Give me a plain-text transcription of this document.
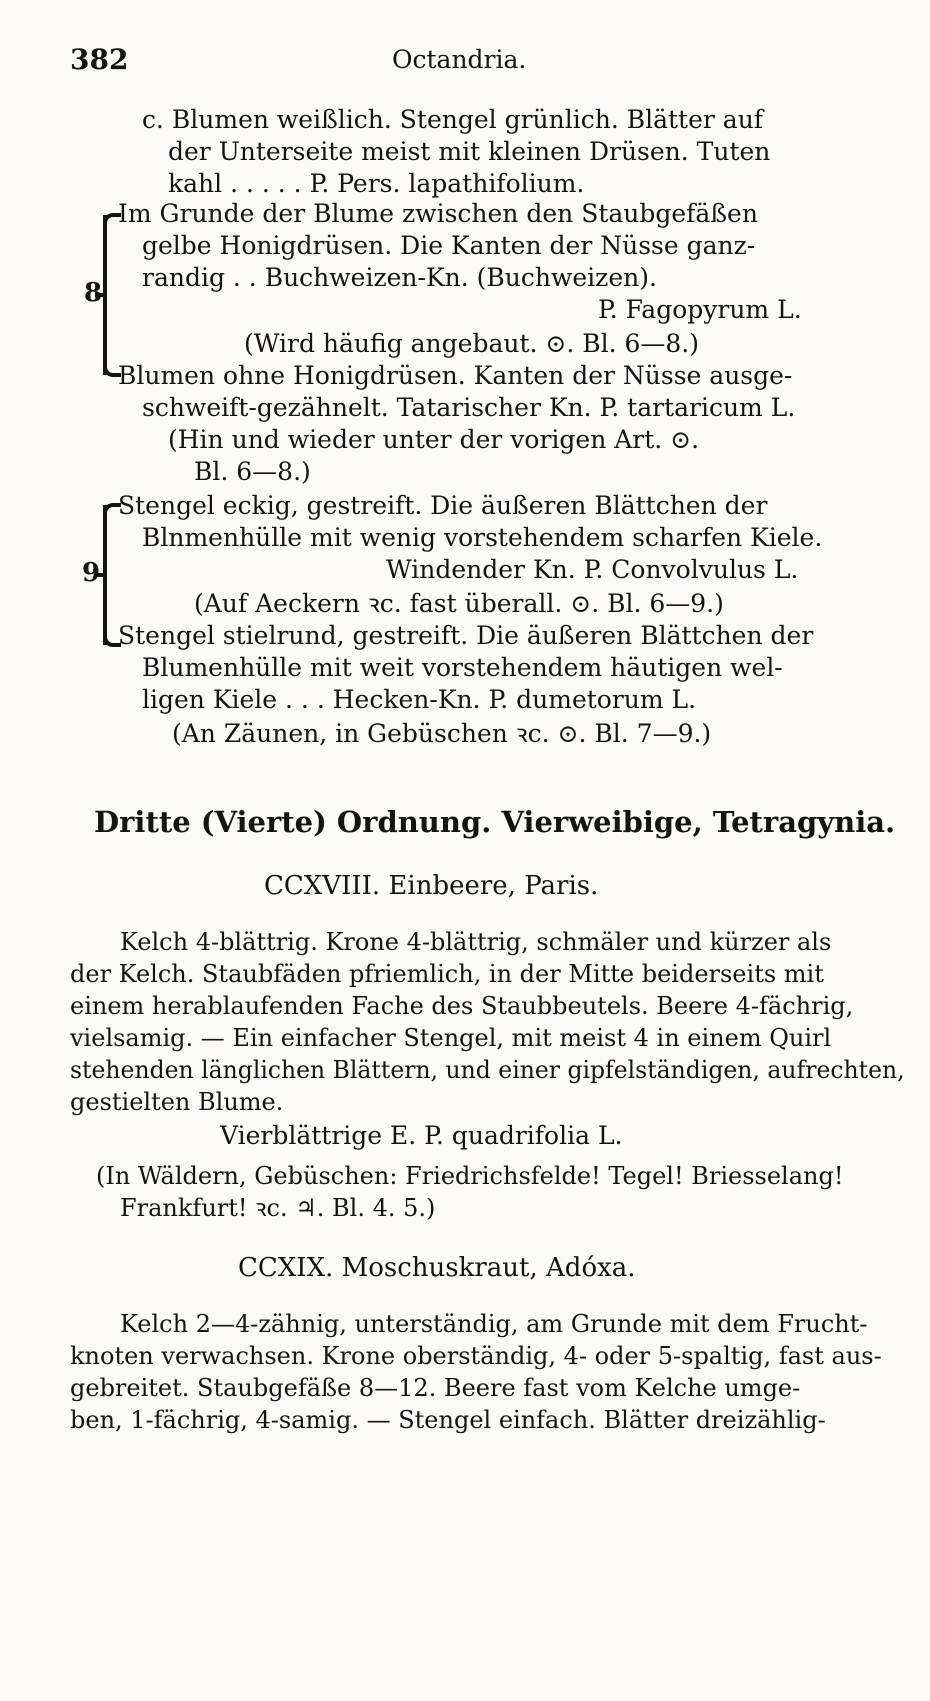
382	Octandria.
c. Blumen weißlich. Stengel grünlich. Blätter auf
der Unterseite meist mit kleinen Drüsen. Tuten
kahl . . . . . P. Pers. lapathifolium.
8
Im Grunde der Blume zwischen den Staubgefäßen
gelbe Honigdrüsen. Die Kanten der Nüsse ganz-
randig . . Buchweizen-Kn. (Buchweizen).
P. Fagopyrum L.
(Wird häufig angebaut. ⊙. Bl. 6—8.)
Blumen ohne Honigdrüsen. Kanten der Nüsse ausge-
schweift-gezähnelt. Tatarischer Kn. P. tartaricum L.
(Hin und wieder unter der vorigen Art. ⊙.
Bl. 6—8.)
9
Stengel eckig, gestreift. Die äußeren Blättchen der
Blnmenhülle mit wenig vorstehendem scharfen Kiele.
Windender Kn. P. Convolvulus L.
(Auf Aeckern ꝛc. fast überall. ⊙. Bl. 6—9.)
Stengel stielrund, gestreift. Die äußeren Blättchen der
Blumenhülle mit weit vorstehendem häutigen wel-
ligen Kiele . . . Hecken-Kn. P. dumetorum L.
(An Zäunen, in Gebüschen ꝛc. ⊙. Bl. 7—9.)
Dritte (Vierte) Ordnung. Vierweibige, Tetragynia.
CCXVIII. Einbeere, Paris.
Kelch 4-blättrig. Krone 4-blättrig, schmäler und kürzer als
der Kelch. Staubfäden pfriemlich, in der Mitte beiderseits mit
einem herablaufenden Fache des Staubbeutels. Beere 4-fächrig,
vielsamig. — Ein einfacher Stengel, mit meist 4 in einem Quirl
stehenden länglichen Blättern, und einer gipfelständigen, aufrechten,
gestielten Blume.
Vierblättrige E. P. quadrifolia L.
(In Wäldern, Gebüschen: Friedrichsfelde! Tegel! Briesselang!
Frankfurt! ꝛc. ♃. Bl. 4. 5.)
CCXIX. Moschuskraut, Adóxa.
Kelch 2—4-zähnig, unterständig, am Grunde mit dem Frucht-
knoten verwachsen. Krone oberständig, 4- oder 5-spaltig, fast aus-
gebreitet. Staubgefäße 8—12. Beere fast vom Kelche umge-
ben, 1-fächrig, 4-samig. — Stengel einfach. Blätter dreizählig-
